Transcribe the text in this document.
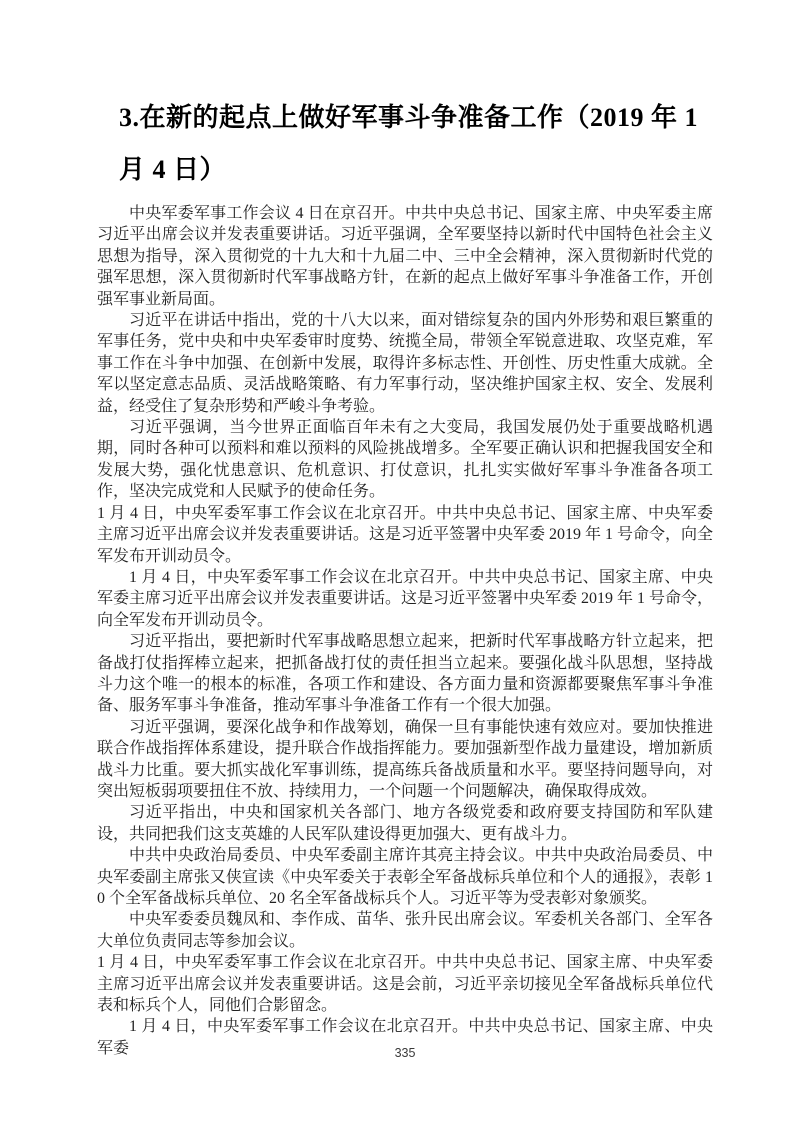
3.在新的起点上做好军事斗争准备工作（2019 年 1 月 4 日）

中央军委军事工作会议 4 日在京召开。中共中央总书记、国家主席、中央军委主席习近平出席会议并发表重要讲话。习近平强调，全军要坚持以新时代中国特色社会主义思想为指导，深入贯彻党的十九大和十九届二中、三中全会精神，深入贯彻新时代党的强军思想，深入贯彻新时代军事战略方针，在新的起点上做好军事斗争准备工作，开创强军事业新局面。

习近平在讲话中指出，党的十八大以来，面对错综复杂的国内外形势和艰巨繁重的军事任务，党中央和中央军委审时度势、统揽全局，带领全军锐意进取、攻坚克难，军事工作在斗争中加强、在创新中发展，取得许多标志性、开创性、历史性重大成就。全军以坚定意志品质、灵活战略策略、有力军事行动，坚决维护国家主权、安全、发展利益，经受住了复杂形势和严峻斗争考验。

习近平强调，当今世界正面临百年未有之大变局，我国发展仍处于重要战略机遇期，同时各种可以预料和难以预料的风险挑战增多。全军要正确认识和把握我国安全和发展大势，强化忧患意识、危机意识、打仗意识，扎扎实实做好军事斗争准备各项工作，坚决完成党和人民赋予的使命任务。

1 月 4 日，中央军委军事工作会议在北京召开。中共中央总书记、国家主席、中央军委主席习近平出席会议并发表重要讲话。这是习近平签署中央军委 2019 年 1 号命令，向全军发布开训动员令。

1 月 4 日，中央军委军事工作会议在北京召开。中共中央总书记、国家主席、中央军委主席习近平出席会议并发表重要讲话。这是习近平签署中央军委 2019 年 1 号命令，向全军发布开训动员令。

习近平指出，要把新时代军事战略思想立起来，把新时代军事战略方针立起来，把备战打仗指挥棒立起来，把抓备战打仗的责任担当立起来。要强化战斗队思想，坚持战斗力这个唯一的根本的标准，各项工作和建设、各方面力量和资源都要聚焦军事斗争准备、服务军事斗争准备，推动军事斗争准备工作有一个很大加强。

习近平强调，要深化战争和作战筹划，确保一旦有事能快速有效应对。要加快推进联合作战指挥体系建设，提升联合作战指挥能力。要加强新型作战力量建设，增加新质战斗力比重。要大抓实战化军事训练，提高练兵备战质量和水平。要坚持问题导向，对突出短板弱项要扭住不放、持续用力，一个问题一个问题解决，确保取得成效。

习近平指出，中央和国家机关各部门、地方各级党委和政府要支持国防和军队建设，共同把我们这支英雄的人民军队建设得更加强大、更有战斗力。

中共中央政治局委员、中央军委副主席许其亮主持会议。中共中央政治局委员、中央军委副主席张又侠宣读《中央军委关于表彰全军备战标兵单位和个人的通报》，表彰 10 个全军备战标兵单位、20 名全军备战标兵个人。习近平等为受表彰对象颁奖。

中央军委委员魏凤和、李作成、苗华、张升民出席会议。军委机关各部门、全军各大单位负责同志等参加会议。

1 月 4 日，中央军委军事工作会议在北京召开。中共中央总书记、国家主席、中央军委主席习近平出席会议并发表重要讲话。这是会前，习近平亲切接见全军备战标兵单位代表和标兵个人，同他们合影留念。

1 月 4 日，中央军委军事工作会议在北京召开。中共中央总书记、国家主席、中央军委	335
